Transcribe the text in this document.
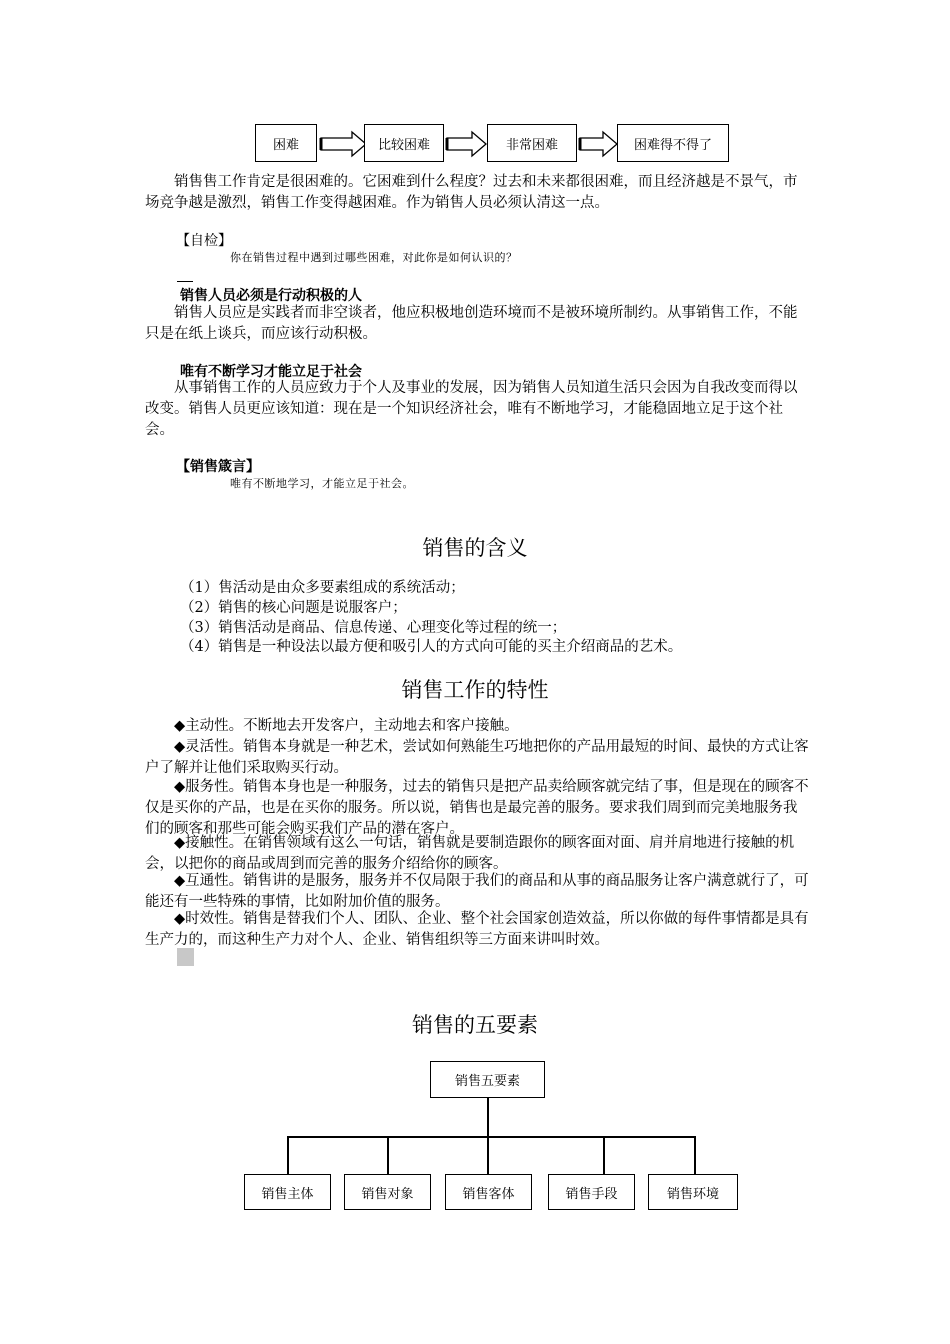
困难	比较困难	非常困难	困难得不得了
销售售工作肯定是很困难的。它困难到什么程度？过去和未来都很困难，而且经济越是不景气，市场竞争越是激烈，销售工作变得越困难。作为销售人员必须认清这一点。
【自检】
你在销售过程中遇到过哪些困难，对此你是如何认识的？
销售人员必须是行动积极的人
销售人员应是实践者而非空谈者，他应积极地创造环境而不是被环境所制约。从事销售工作，不能只是在纸上谈兵，而应该行动积极。
唯有不断学习才能立足于社会
从事销售工作的人员应致力于个人及事业的发展，因为销售人员知道生活只会因为自我改变而得以改变。销售人员更应该知道：现在是一个知识经济社会，唯有不断地学习，才能稳固地立足于这个社会。
【销售箴言】
唯有不断地学习，才能立足于社会。
销售的含义
（1）售活动是由众多要素组成的系统活动；
（2）销售的核心问题是说服客户；
（3）销售活动是商品、信息传递、心理变化等过程的统一；
（4）销售是一种设法以最方便和吸引人的方式向可能的买主介绍商品的艺术。
销售工作的特性
◆主动性。不断地去开发客户，主动地去和客户接触。
◆灵活性。销售本身就是一种艺术，尝试如何熟能生巧地把你的产品用最短的时间、最快的方式让客户了解并让他们采取购买行动。
◆服务性。销售本身也是一种服务，过去的销售只是把产品卖给顾客就完结了事，但是现在的顾客不仅是买你的产品，也是在买你的服务。所以说，销售也是最完善的服务。要求我们周到而完美地服务我们的顾客和那些可能会购买我们产品的潜在客户。
◆接触性。在销售领域有这么一句话，销售就是要制造跟你的顾客面对面、肩并肩地进行接触的机会，以把你的商品或周到而完善的服务介绍给你的顾客。
◆互通性。销售讲的是服务，服务并不仅局限于我们的商品和从事的商品服务让客户满意就行了，可能还有一些特殊的事情，比如附加价值的服务。
◆时效性。销售是替我们个人、团队、企业、整个社会国家创造效益，所以你做的每件事情都是具有生产力的，而这种生产力对个人、企业、销售组织等三方面来讲叫时效。
销售的五要素
销售五要素
销售主体	销售对象	销售客体	销售手段	销售环境
